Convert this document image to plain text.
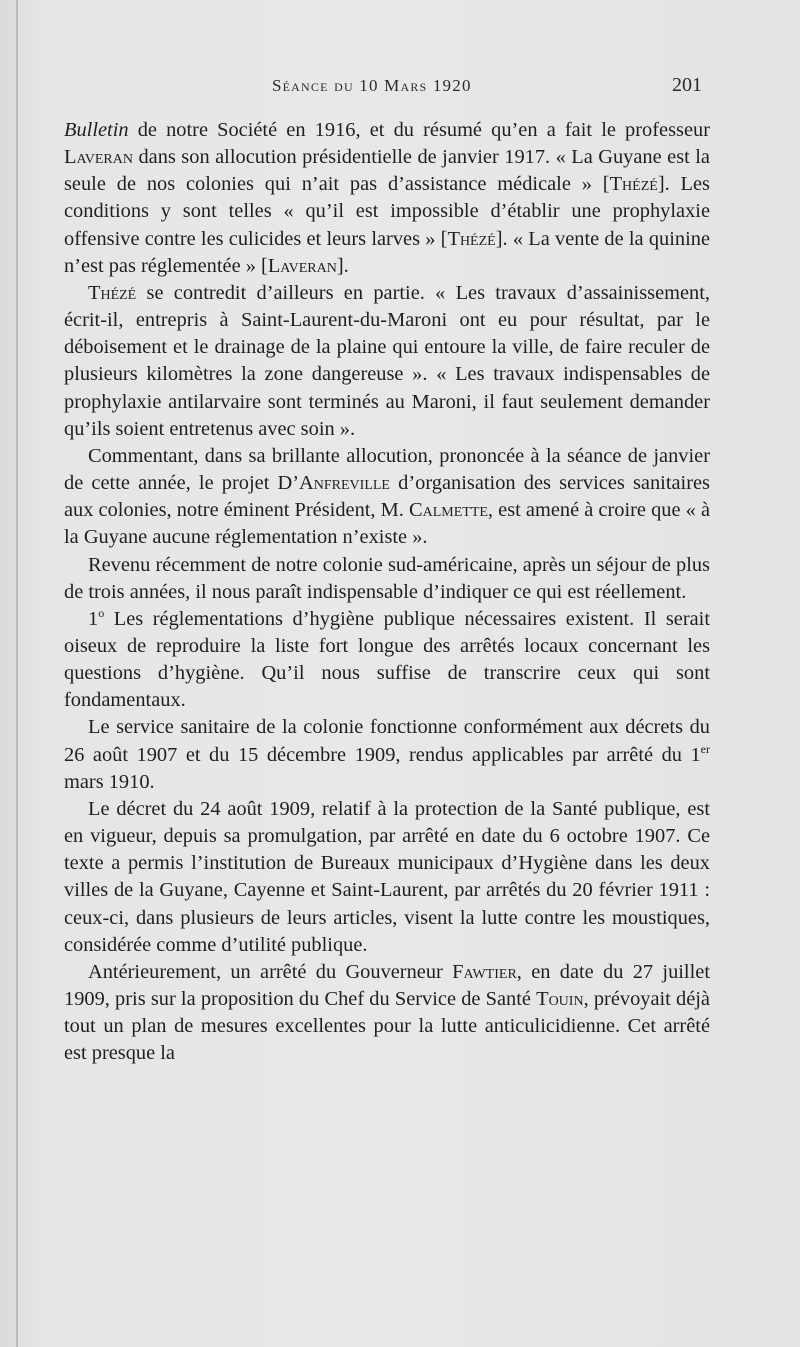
Séance du 10 Mars 1920	201

Bulletin de notre Société en 1916, et du résumé qu’en a fait le professeur Laveran dans son allocution présidentielle de janvier 1917. « La Guyane est la seule de nos colonies qui n’ait pas d’assistance médicale » [Thézé]. Les conditions y sont telles « qu’il est impossible d’établir une prophylaxie offensive contre les culicides et leurs larves » [Thézé]. « La vente de la quinine n’est pas réglementée » [Laveran].

Thézé se contredit d’ailleurs en partie. « Les travaux d’assainissement, écrit-il, entrepris à Saint-Laurent-du-Maroni ont eu pour résultat, par le déboisement et le drainage de la plaine qui entoure la ville, de faire reculer de plusieurs kilomètres la zone dangereuse ». « Les travaux indispensables de prophylaxie antilarvaire sont terminés au Maroni, il faut seulement demander qu’ils soient entretenus avec soin ».

Commentant, dans sa brillante allocution, prononcée à la séance de janvier de cette année, le projet D’Anfreville d’organisation des services sanitaires aux colonies, notre éminent Président, M. Calmette, est amené à croire que « à la Guyane aucune réglementation n’existe ».

Revenu récemment de notre colonie sud-américaine, après un séjour de plus de trois années, il nous paraît indispensable d’indiquer ce qui est réellement.

1$^o$ Les réglementations d’hygiène publique nécessaires existent. Il serait oiseux de reproduire la liste fort longue des arrêtés locaux concernant les questions d’hygiène. Qu’il nous suffise de transcrire ceux qui sont fondamentaux.

Le service sanitaire de la colonie fonctionne conformément aux décrets du 26 août 1907 et du 15 décembre 1909, rendus applicables par arrêté du 1er mars 1910.

Le décret du 24 août 1909, relatif à la protection de la Santé publique, est en vigueur, depuis sa promulgation, par arrêté en date du 6 octobre 1907. Ce texte a permis l’institution de Bureaux municipaux d’Hygiène dans les deux villes de la Guyane, Cayenne et Saint-Laurent, par arrêtés du 20 février 1911 : ceux-ci, dans plusieurs de leurs articles, visent la lutte contre les moustiques, considérée comme d’utilité publique.

Antérieurement, un arrêté du Gouverneur Fawtier, en date du 27 juillet 1909, pris sur la proposition du Chef du Service de Santé Touin, prévoyait déjà tout un plan de mesures excellentes pour la lutte anticulicidienne. Cet arrêté est presque la
